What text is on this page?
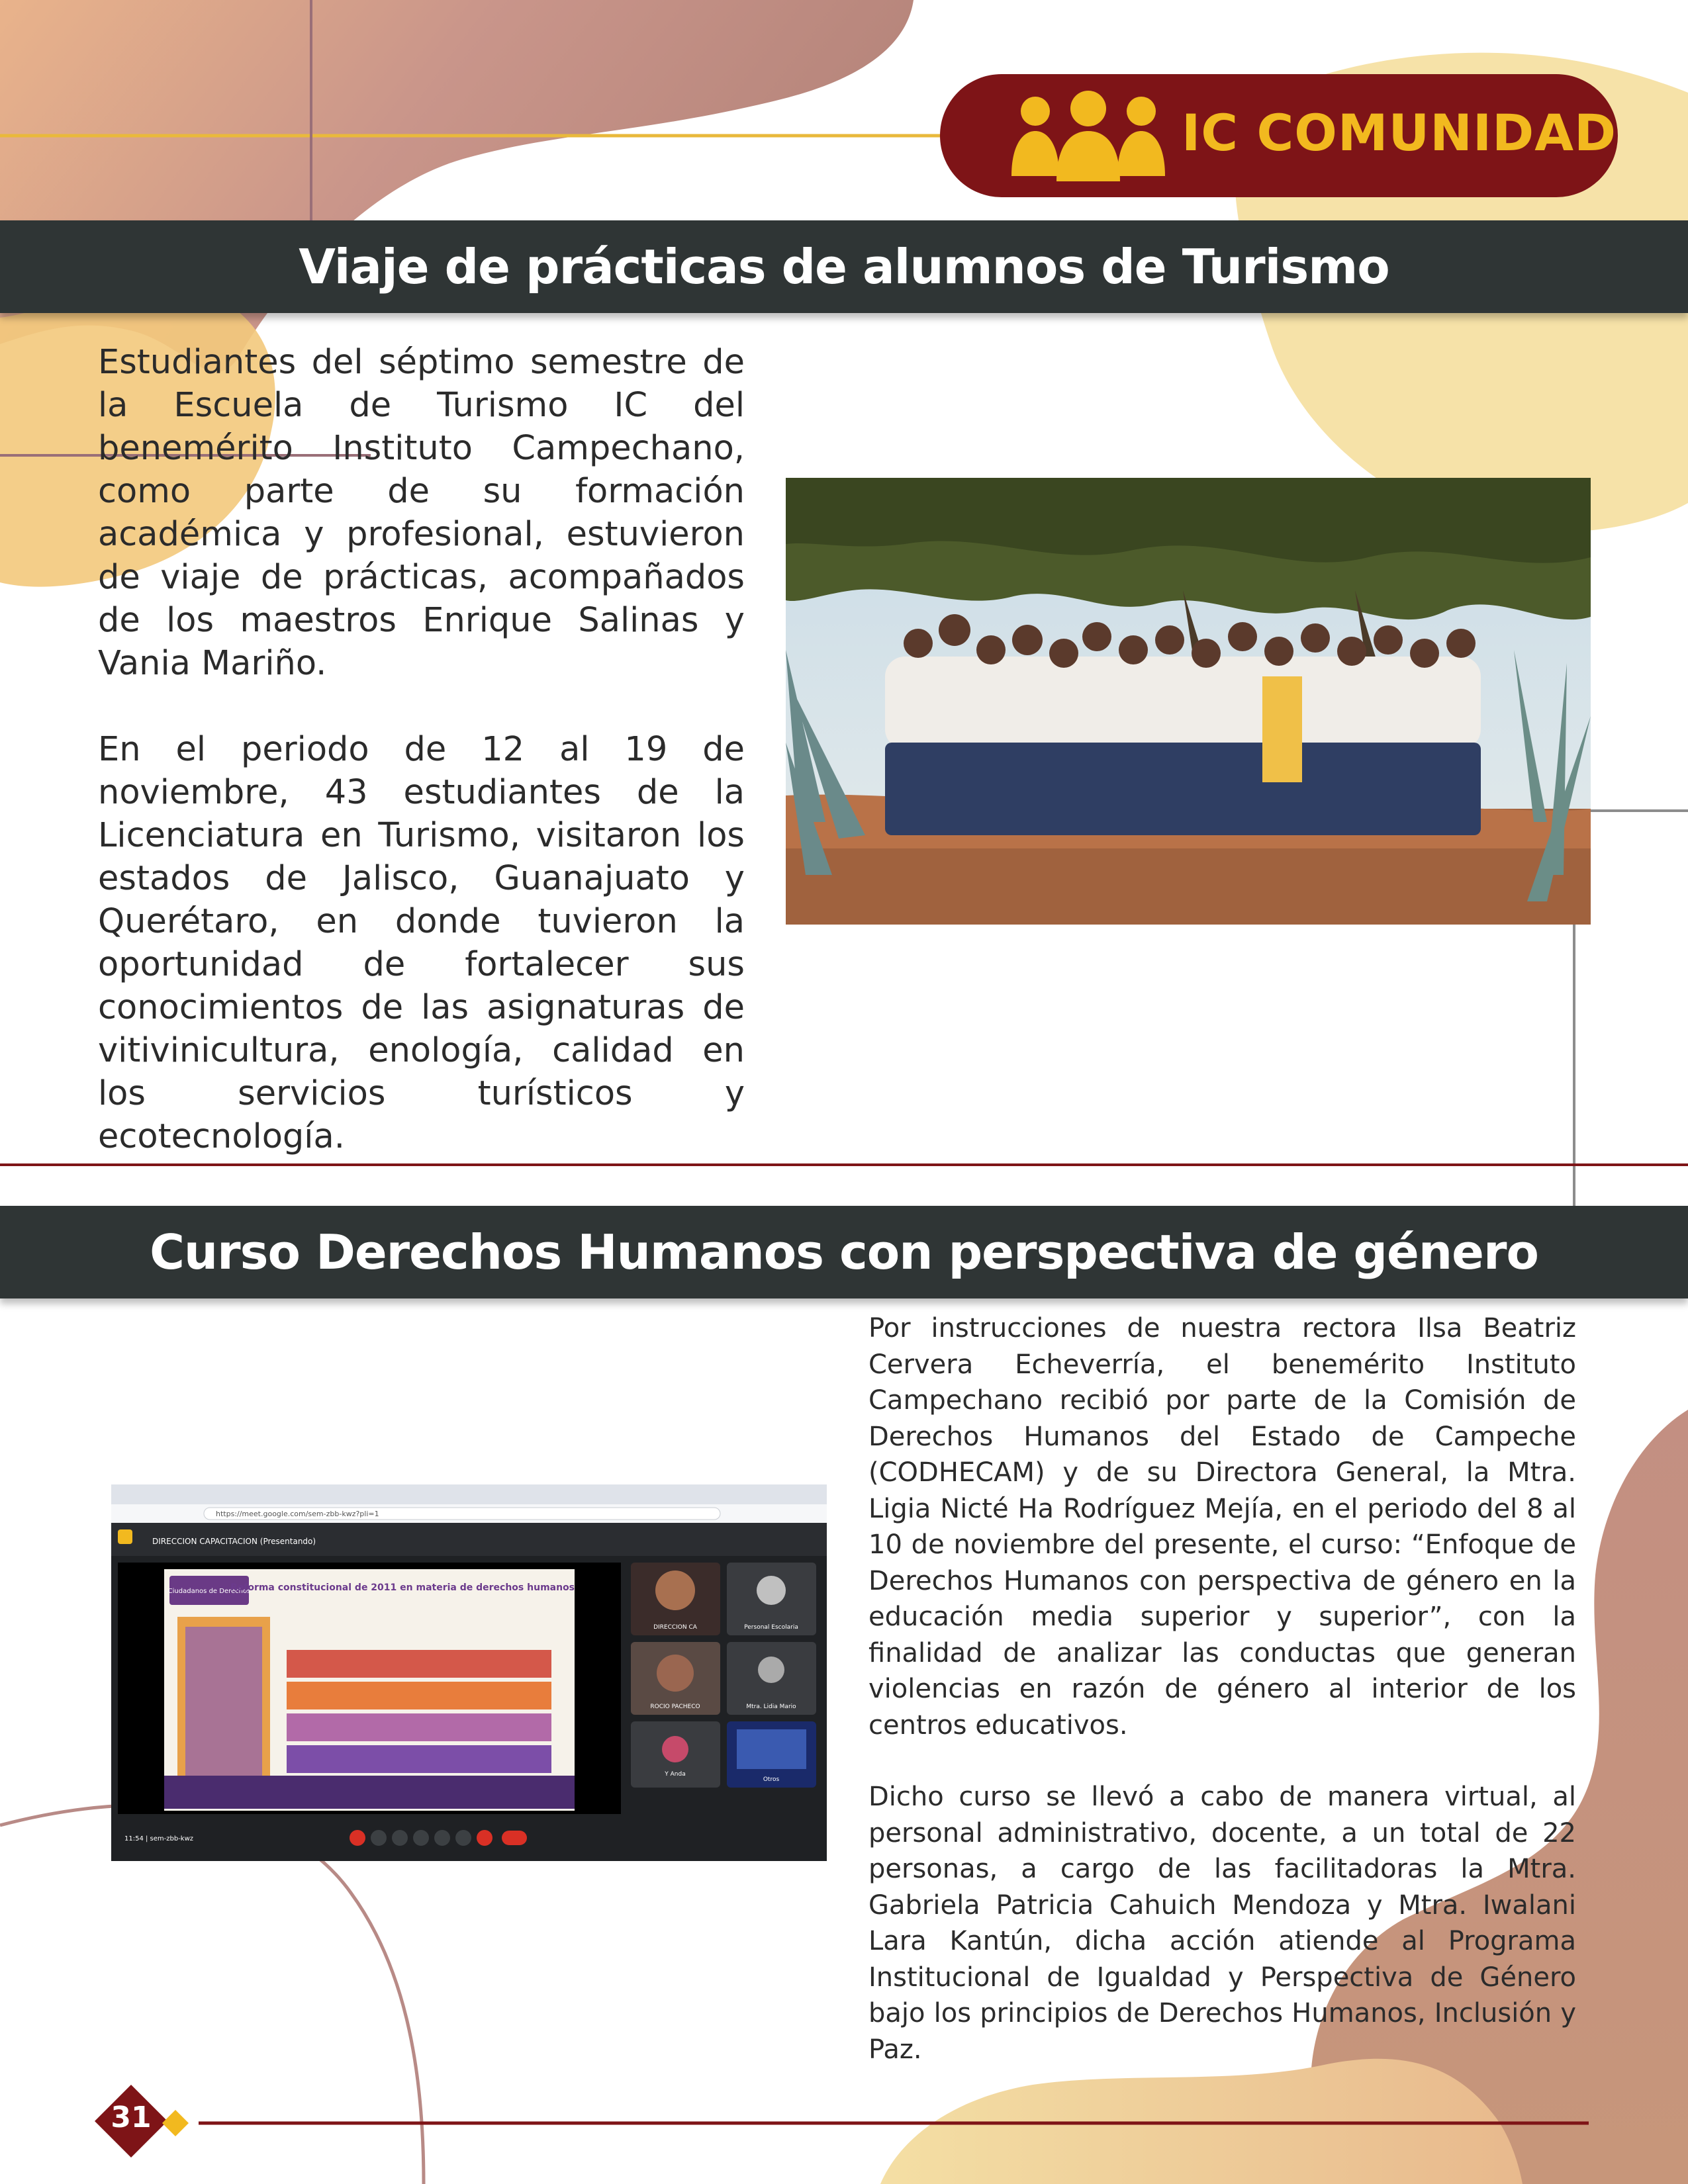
IC COMUNIDAD
Viaje de prácticas de alumnos de Turismo

Estudiantes del séptimo semestre de la Escuela de Turismo IC del benemérito Instituto Campechano, como parte de su formación académica y profesional, estuvieron de viaje de prácticas, acompañados de los maestros Enrique Salinas y Vania Mariño.

En el periodo de 12 al 19 de noviembre, 43 estudiantes de la Licenciatura en Turismo, visitaron los estados de Jalisco, Guanajuato y Querétaro, en donde tuvieron la oportunidad de fortalecer sus conocimientos de las asignaturas de vitivinicultura, enología, calidad en los servicios turísticos y ecotecnología.

Curso Derechos Humanos con perspectiva de género

Por instrucciones de nuestra rectora Ilsa Beatriz Cervera Echeverría, el benemérito Instituto Campechano recibió por parte de la Comisión de Derechos Humanos del Estado de Campeche (CODHECAM) y de su Directora General, la Mtra. Ligia Nicté Ha Rodríguez Mejía, en el periodo del 8 al 10 de noviembre del presente, el curso: “Enfoque de Derechos Humanos con perspectiva de género en la educación media superior y superior”, con la finalidad de analizar las conductas que generan violencias en razón de género al interior de los centros educativos.

Dicho curso se llevó a cabo de manera virtual, al personal administrativo, docente, a un total de 22 personas, a cargo de las facilitadoras la Mtra. Gabriela Patricia Cahuich Mendoza y Mtra. Iwalani Lara Kantún, dicha acción atiende al Programa Institucional de Igualdad y Perspectiva de Género bajo los principios de Derechos Humanos, Inclusión y Paz.

https://meet.google.com/sem-zbb-kwz?pli=1
DIRECCION CAPACITACION (Presentando)
Ciudadanos de Derechos
Reforma constitucional de 2011 en materia de derechos humanos
DIRECCION CA	Personal Escolaria
ROCIO PACHECO	Mtra. Lidia Mario
Y Anda
Otros
11:54 | sem-zbb-kwz
31
